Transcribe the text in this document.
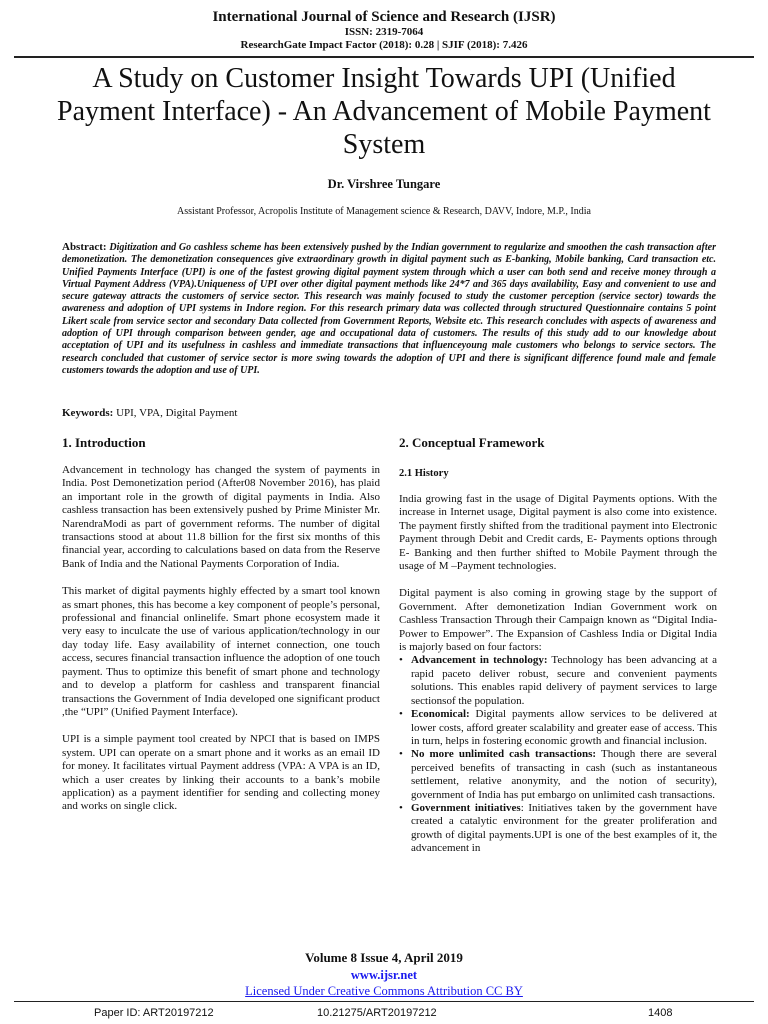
International Journal of Science and Research (IJSR)
ISSN: 2319-7064
ResearchGate Impact Factor (2018): 0.28 | SJIF (2018): 7.426
A Study on Customer Insight Towards UPI (Unified Payment Interface) - An Advancement of Mobile Payment System
Dr. Virshree Tungare
Assistant Professor, Acropolis Institute of Management science & Research, DAVV, Indore, M.P., India
Abstract: Digitization and Go cashless scheme has been extensively pushed by the Indian government to regularize and smoothen the cash transaction after demonetization. The demonetization consequences give extraordinary growth in digital payment such as E-banking, Mobile banking, Card transaction etc. Unified Payments Interface (UPI) is one of the fastest growing digital payment system through which a user can both send and receive money through a Virtual Payment Address (VPA).Uniqueness of UPI over other digital payment methods like 24*7 and 365 days availability, Easy and convenient to use and secure gateway attracts the customers of service sector. This research was mainly focused to study the customer perception (service sector) towards the awareness and adoption of UPI systems in Indore region. For this research primary data was collected through structured Questionnaire contains 5 point Likert scale from service sector and secondary Data collected from Government Reports, Website etc. This research concludes with aspects of awareness and adoption of UPI through comparison between gender, age and occupational data of customers. The results of this study add to our knowledge about acceptation of UPI and its usefulness in cashless and immediate transactions that influenceyoung male customers who belongs to service sectors. The research concluded that customer of service sector is more swing towards the adoption of UPI and there is significant difference found male and female customers towards the adoption and use of UPI.
Keywords: UPI, VPA, Digital Payment
1. Introduction

Advancement in technology has changed the system of payments in India. Post Demonetization period (After08 November 2016), has plaid an important role in the growth of digital payments in India. Also cashless transaction has been extensively pushed by Prime Minister Mr. NarendraModi as part of government reforms. The number of digital transactions stood at about 11.8 billion for the first six months of this financial year, according to calculations based on data from the Reserve Bank of India and the National Payments Corporation of India.

This market of digital payments highly effected by a smart tool known as smart phones, this has become a key component of people’s personal, professional and financial onlinelife. Smart phone ecosystem made it very easy to inculcate the use of various application/technology in our day today life. Easy availability of internet connection, one touch access, secures financial transaction influence the adoption of one touch payment. Thus to optimize this benefit of smart phone and technology and to develop a platform for cashless and transparent financial transactions the Government of India developed one significant product ,the “UPI” (Unified Payment Interface).

UPI is a simple payment tool created by NPCI that is based on IMPS system. UPI can operate on a smart phone and it works as an email ID for money. It facilitates virtual Payment address (VPA: A VPA is an ID, which a user creates by linking their accounts to a bank’s mobile application) as a payment identifier for sending and collecting money and works on single click.

2. Conceptual Framework
2.1 History

India growing fast in the usage of Digital Payments options. With the increase in Internet usage, Digital payment is also come into existence. The payment firstly shifted from the traditional payment into Electronic Payment through Debit and Credit cards, E- Payments options through E- Banking and then further shifted to Mobile Payment through the usage of M –Payment technologies.

Digital payment is also coming in growing stage by the support of Government. After demonetization Indian Government work on Cashless Transaction Through their Campaign known as “Digital India- Power to Empower”. The Expansion of Cashless India or Digital India is majorly based on four factors:

• Advancement in technology: Technology has been advancing at a rapid paceto deliver robust, secure and convenient payments solutions. This enables rapid delivery of payment services to large sectionsof the population.
• Economical: Digital payments allow services to be delivered at lower costs, afford greater scalability and greater ease of access. This in turn, helps in fostering economic growth and financial inclusion.
• No more unlimited cash transactions: Though there are several perceived benefits of transacting in cash (such as instantaneous settlement, relative anonymity, and the notion of security), government of India has put embargo on unlimited cash transactions.
• Government initiatives: Initiatives taken by the government have created a catalytic environment for the greater proliferation and growth of digital payments.UPI is one of the best examples of it, the advancement in
Volume 8 Issue 4, April 2019
www.ijsr.net
Licensed Under Creative Commons Attribution CC BY
Paper ID: ART20197212	10.21275/ART20197212	1408
